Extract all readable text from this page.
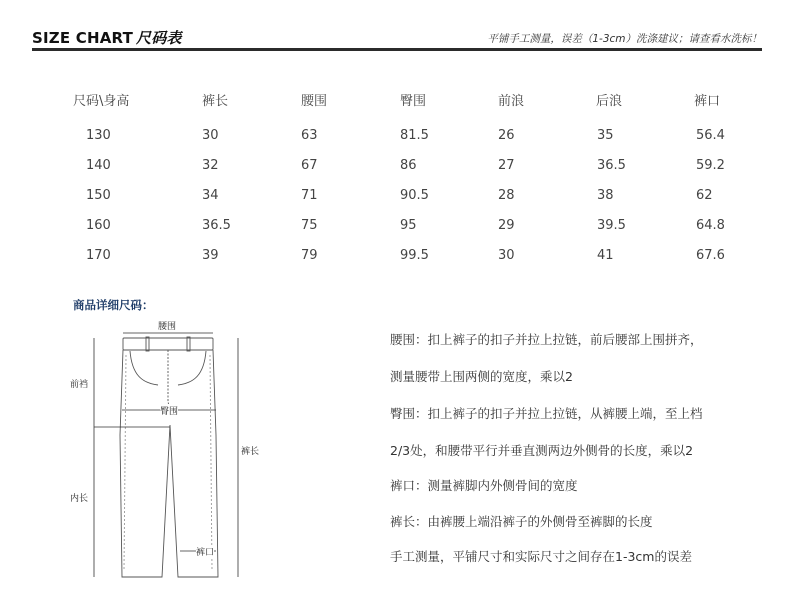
SIZE CHART 尺码表	平铺手工测量，误差（1-3cm）洗涤建议；请查看水洗标！
尺码\身高	裤长	腰围	臀围	前浪	后浪	裤口
130	30	63	81.5	26	35	56.4
140	32	67	86	27	36.5	59.2
150	34	71	90.5	28	38	62
160	36.5	75	95	29	39.5	64.8
170	39	79	99.5	30	41	67.6
商品详细尺码：
腰围
臀围
前裆
内长
裤长
裤口
腰围：扣上裤子的扣子并拉上拉链，前后腰部上围拼齐，
测量腰带上围两侧的宽度，乘以2
臀围：扣上裤子的扣子并拉上拉链，从裤腰上端，至上档
2/3处，和腰带平行并垂直测两边外侧骨的长度，乘以2
裤口：测量裤脚内外侧骨间的宽度
裤长：由裤腰上端沿裤子的外侧骨至裤脚的长度
手工测量，平铺尺寸和实际尺寸之间存在1-3cm的误差
